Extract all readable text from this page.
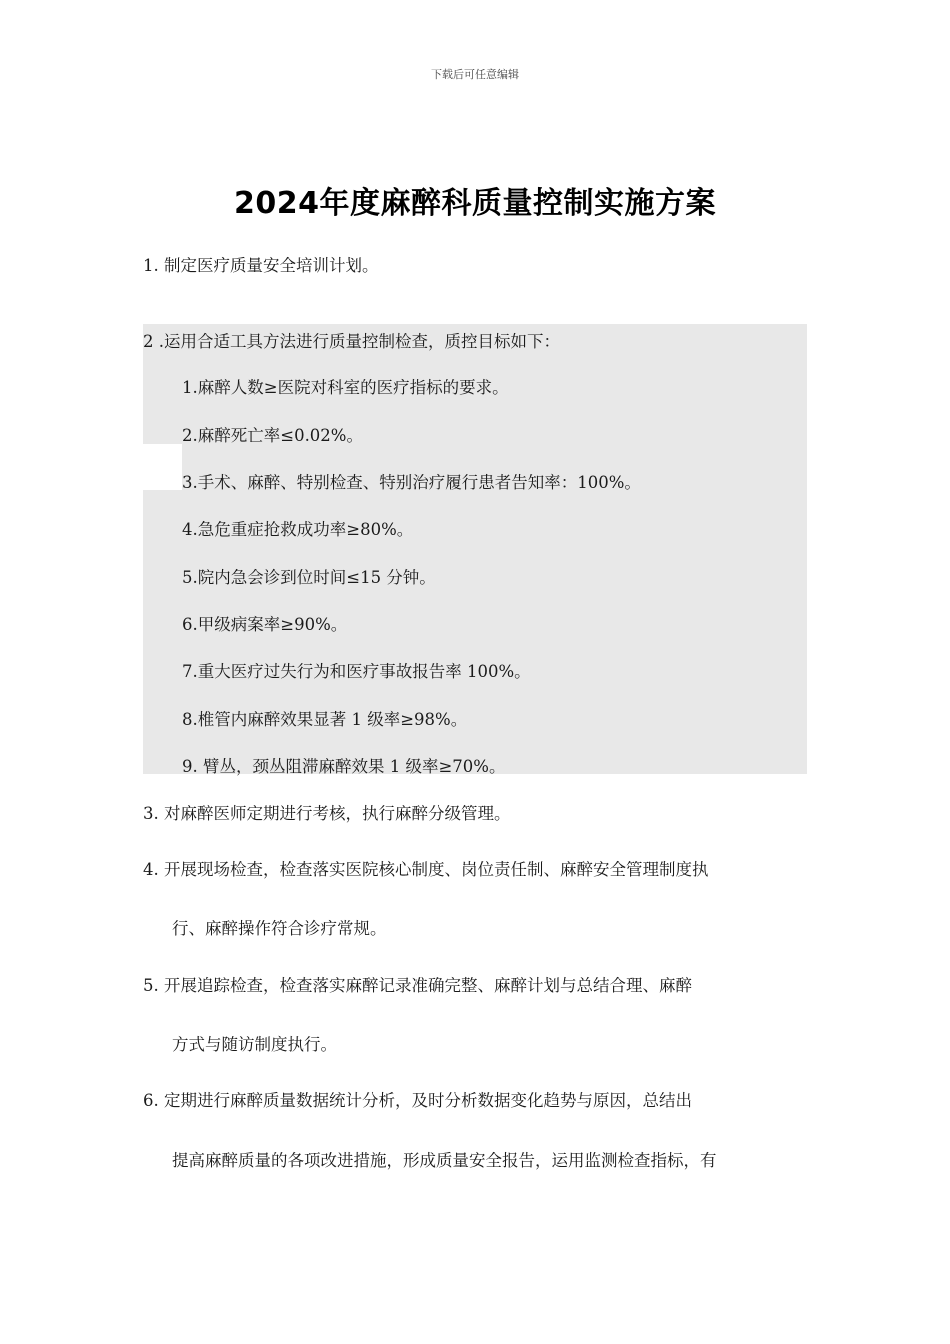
下载后可任意编辑
2024年度麻醉科质量控制实施方案
1. 制定医疗质量安全培训计划。
2 .运用合适工具方法进行质量控制检查，质控目标如下：
1.麻醉人数≥医院对科室的医疗指标的要求。
2.麻醉死亡率≤0.02%。
3.手术、麻醉、特别检查、特别治疗履行患者告知率：100%。
4.急危重症抢救成功率≥80%。
5.院内急会诊到位时间≤15 分钟。
6.甲级病案率≥90%。
7.重大医疗过失行为和医疗事故报告率 100%。
8.椎管内麻醉效果显著 1 级率≥98%。
9. 臂丛，颈丛阻滞麻醉效果 1 级率≥70%。
3. 对麻醉医师定期进行考核，执行麻醉分级管理。
4. 开展现场检查，检查落实医院核心制度、岗位责任制、麻醉安全管理制度执
行、麻醉操作符合诊疗常规。
5. 开展追踪检查，检查落实麻醉记录准确完整、麻醉计划与总结合理、麻醉
方式与随访制度执行。
6. 定期进行麻醉质量数据统计分析，及时分析数据变化趋势与原因，总结出
提高麻醉质量的各项改进措施，形成质量安全报告，运用监测检查指标，有
